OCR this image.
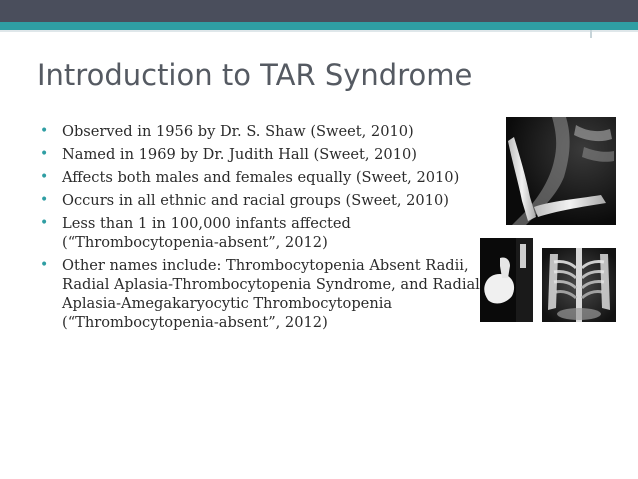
Introduction to TAR Syndrome
• Observed in 1956 by Dr. S. Shaw (Sweet, 2010)
• Named in 1969 by Dr. Judith Hall (Sweet, 2010)
• Affects both males and females equally (Sweet, 2010)
• Occurs in all ethnic and racial groups (Sweet, 2010)
• Less than 1 in 100,000 infants affected (“Thrombocytopenia-absent”, 2012)
• Other names include: Thrombocytopenia Absent Radii, Radial Aplasia-Thrombocytopenia Syndrome, and Radial Aplasia-Amegakaryocytic Thrombocytopenia (“Thrombocytopenia-absent”, 2012)
